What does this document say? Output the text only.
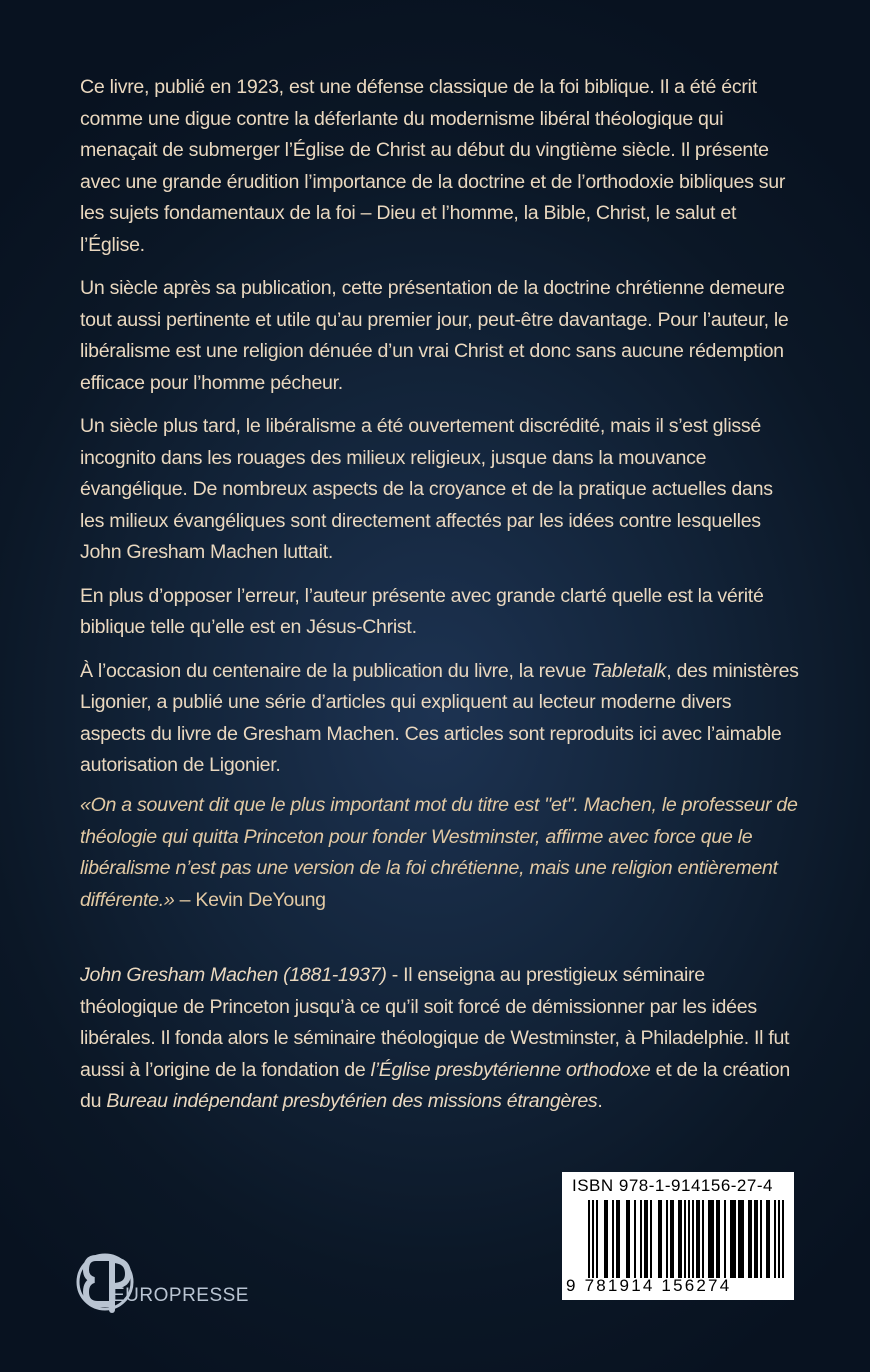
Ce livre, publié en 1923, est une défense classique de la foi biblique. Il a été écrit comme une digue contre la déferlante du modernisme libéral théologique qui menaçait de submerger l’Église de Christ au début du vingtième siècle. Il présente avec une grande érudition l’importance de la doctrine et de l’orthodoxie bibliques sur les sujets fondamentaux de la foi – Dieu et l’homme, la Bible, Christ, le salut et l’Église.

Un siècle après sa publication, cette présentation de la doctrine chrétienne demeure tout aussi pertinente et utile qu’au premier jour, peut-être davantage. Pour l’auteur, le libéralisme est une religion dénuée d’un vrai Christ et donc sans aucune rédemption efficace pour l’homme pécheur.

Un siècle plus tard, le libéralisme a été ouvertement discrédité, mais il s’est glissé incognito dans les rouages des milieux religieux, jusque dans la mouvance évangélique. De nombreux aspects de la croyance et de la pratique actuelles dans les milieux évangéliques sont directement affectés par les idées contre lesquelles John Gresham Machen luttait.

En plus d’opposer l’erreur, l’auteur présente avec grande clarté quelle est la vérité biblique telle qu’elle est en Jésus-Christ.

À l’occasion du centenaire de la publication du livre, la revue Tabletalk, des ministères Ligonier, a publié une série d’articles qui expliquent au lecteur moderne divers aspects du livre de Gresham Machen. Ces articles sont reproduits ici avec l’aimable autorisation de Ligonier.

«On a souvent dit que le plus important mot du titre est "et". Machen, le professeur de théologie qui quitta Princeton pour fonder Westminster, affirme avec force que le libéralisme n’est pas une version de la foi chrétienne, mais une religion entièrement différente.» – Kevin DeYoung
John Gresham Machen (1881-1937) - Il enseigna au prestigieux séminaire théologique de Princeton jusqu’à ce qu’il soit forcé de démissionner par les idées libérales. Il fonda alors le séminaire théologique de Westminster, à Philadelphie. Il fut aussi à l’origine de la fondation de l’Église presbytérienne orthodoxe et de la création du Bureau indépendant presbytérien des missions étrangères.
EP EUROPRESSE
ISBN 978-1-914156-27-4
9 781914 156274
